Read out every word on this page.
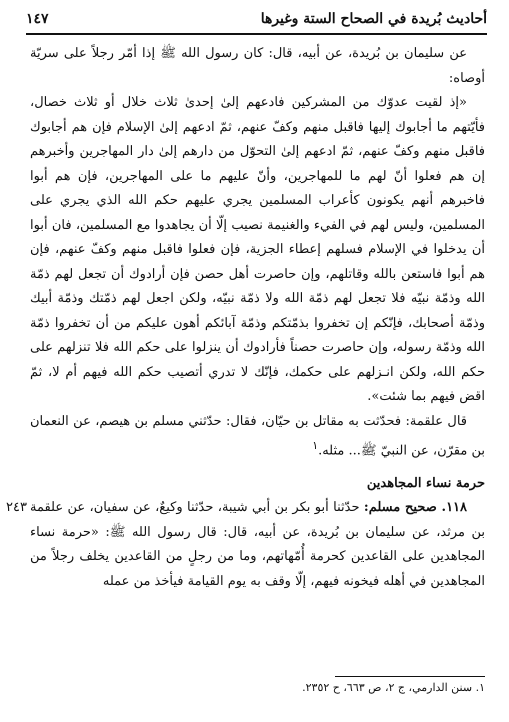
أحاديث بُريدة في الصحاح الستة وغيرها
١٤٧

عن سليمان بن بُريدة، عن أبيه، قال: كان رسول الله ﷺ إذا أمّر رجلاً على سريّة أوصاه:

«إذ لقيت عدوّك من المشركين فادعهم إلىٰ إحدىٰ ثلاث خلال أو ثلاث خصال، فأيّتهم ما أجابوك إليها فاقبل منهم وكفّ عنهم، ثمّ ادعهم إلىٰ الإسلام فإن هم أجابوك فاقبل منهم وكفّ عنهم، ثمّ ادعهم إلىٰ التحوّل من دارهم إلىٰ دار المهاجرين وأخبرهم إن هم فعلوا أنّ لهم ما للمهاجرين، وأنّ عليهم ما على المهاجرين، فإن هم أبوا فاخبرهم أنهم يكونون كأعراب المسلمين يجري عليهم حكم الله الذي يجري على المسلمين، وليس لهم في الفيء والغنيمة نصيب إلّا أن يجاهدوا مع المسلمين، فان أبوا أن يدخلوا في الإسلام فسلهم إعطاء الجزية، فإن فعلوا فاقبل منهم وكفّ عنهم، فإن هم أبوا فاستعن بالله وقاتلهم، وإن حاصرت أهل حصن فإن أرادوك أن تجعل لهم ذمّة الله وذمّة نبيّه فلا تجعل لهم ذمّة الله ولا ذمّة نبيّه، ولكن اجعل لهم ذمّتك وذمّة أبيك وذمّة أصحابك، فإنّكم إن تخفروا بذمّتكم وذمّة آبائكم أهون عليكم من أن تخفروا ذمّة الله وذمّة رسوله، وإن حاصرت حصناً فأرادوك أن ينزلوا على حكم الله فلا تنزلهم على حكم الله، ولكن انـزلهم على حكمك، فإنّك لا تدري أتصيب حكم الله فيهم أم لا، ثمّ اقض فيهم بما شئت».

قال علقمة: فحدّثت به مقاتل بن حيّان، فقال: حدّثني مسلم بن هيصم، عن النعمان بن مقرّن، عن النبيّ ﷺ... مثله.$^١$

حرمة نساء المجاهدين

٢٤٣	١١٨. صحيح مسلم: حدّثنا أبو بكر بن أبي شيبة، حدّثنا وكيعٌ، عن سفيان، عن علقمة بن مرثد، عن سليمان بن بُريدة، عن أبيه، قال: قال رسول الله ﷺ: «حرمة نساء المجاهدين على القاعدين كحرمة أُمّهاتهم، وما من رجلٍ من القاعدين يخلف رجلاً من المجاهدين في أهله فيخونه فيهم، إلّا وقف به يوم القيامة فيأخذ من عمله

١. سنن الدارمي، ج ٢، ص ٦٦٣، ح ٢٣٥٢.
